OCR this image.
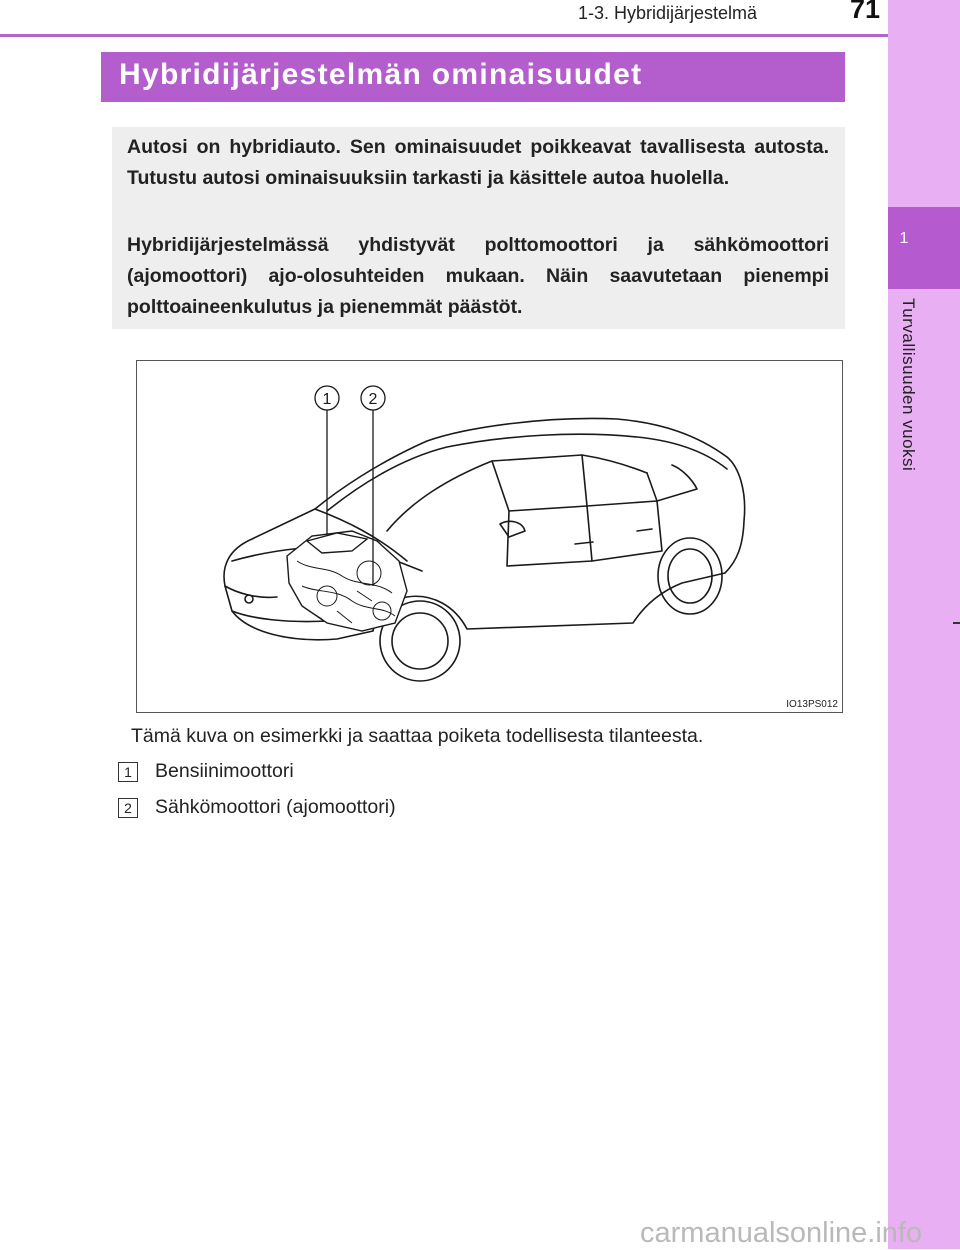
1
Turvallisuuden vuoksi
1-3. Hybridijärjestelmä	71
Hybridijärjestelmän ominaisuudet

Autosi on hybridiauto. Sen ominaisuudet poikkeavat tavallisesta autosta. Tutustu autosi ominaisuuksiin tarkasti ja käsittele autoa huolella.

Hybridijärjestelmässä yhdistyvät polttomoottori ja sähkömoottori (ajomoottori) ajo-olosuhteiden mukaan. Näin saavutetaan pienempi polttoaineenkulutus ja pienemmät päästöt.

1 2
IO13PS012
Tämä kuva on esimerkki ja saattaa poiketa todellisesta tilanteesta.
1	Bensiinimoottori
2	Sähkömoottori (ajomoottori)
carmanualsonline.info
